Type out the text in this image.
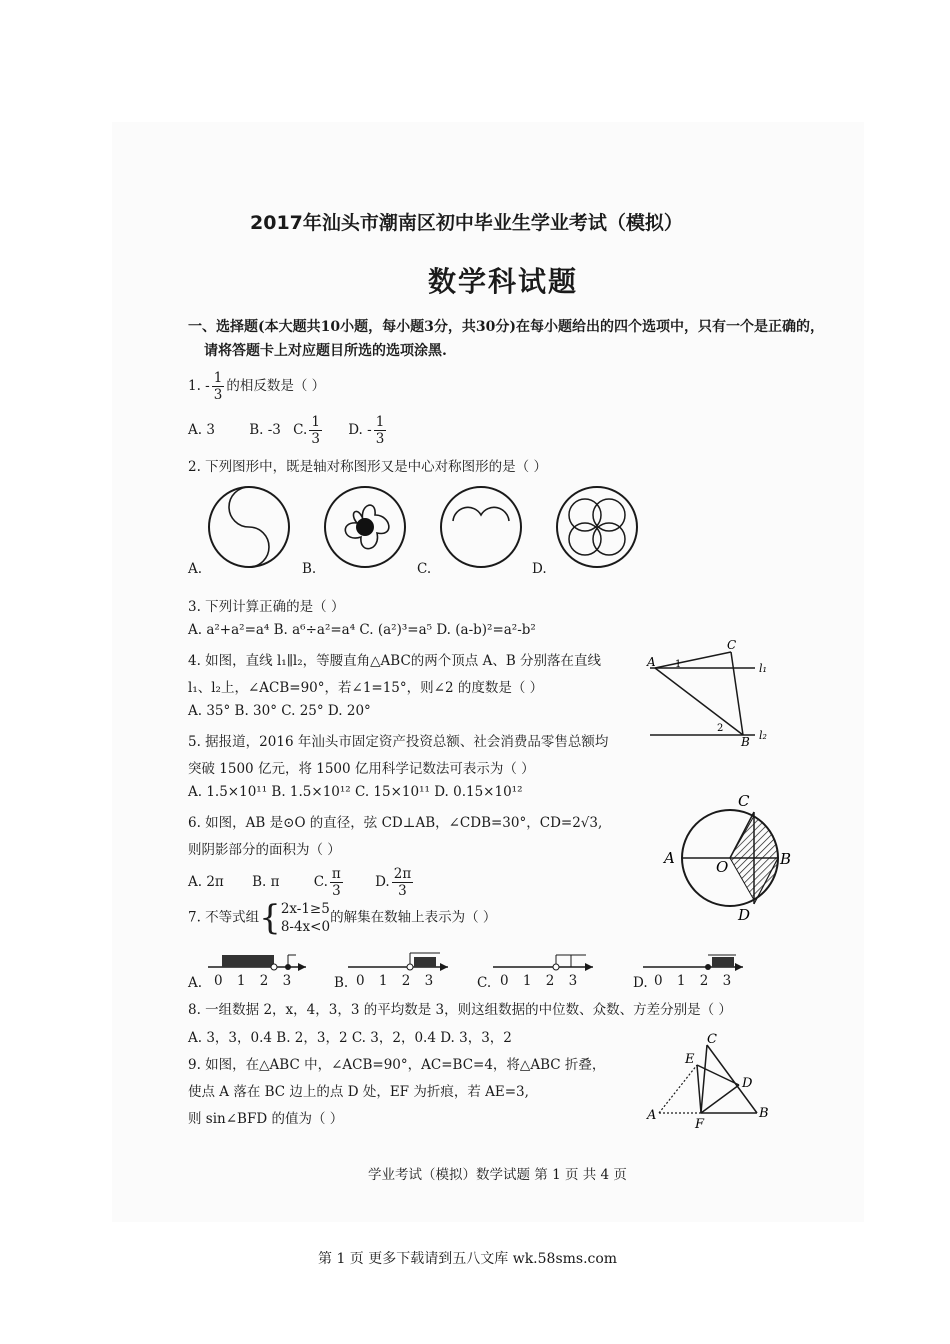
2017年汕头市潮南区初中毕业生学业考试（模拟）
数学科试题
一、选择题(本大题共10小题，每小题3分，共30分)在每小题给出的四个选项中，只有一个是正确的，
请将答题卡上对应题目所选的选项涂黑.
1. - $\frac{1}{3}$ 的相反数是（ ）
A. 3	B. -3 C. $\frac{1}{3} D$. - $\frac{1}{3}$
2. 下列图形中，既是轴对称图形又是中心对称图形的是（ ）
A.	B.	C.	D.
3. 下列计算正确的是（ ）
A. a²+a²=a⁴ B. a⁶÷a²=a⁴ C. (a²)³=a⁵ D. (a-b)²=a²-b²
4. 如图，直线 l₁∥l₂，等腰直角△ABC的两个顶点 A、B 分别落在直线
l₁、l₂上，∠ACB=90°，若∠1=15°，则∠2 的度数是（ ）
A. 35° B. 30° C. 25° D. 20°
A
C
B
l₁
l₂
1
2
5. 据报道，2016 年汕头市固定资产投资总额、社会消费品零售总额均
突破 1500 亿元，将 1500 亿用科学记数法可表示为（ ）
A. 1.5×10¹¹ B. 1.5×10¹² C. 15×10¹¹ D. 0.15×10¹²
6. 如图，AB 是⊙O 的直径，弦 CD⊥AB，∠CDB=30°，CD=2√3,
则阴影部分的面积为（ ）
A. 2π B. π	C. $\frac{\pi}{3} D$. $\frac{2\pi}{3}$
A	B
C
D
O
7. 不等式组{ 2x-1≥5
8-4x<0
的解集在数轴上表示为（ ）
A.	B.	C.	D.
0 1 2 3	0 1 2 3	0 1 2 3	0 1 2 3
8. 一组数据 2，x，4，3，3 的平均数是 3，则这组数据的中位数、众数、方差分别是（ ）
A. 3，3，0.4 B. 2，3，2 C. 3，2，0.4 D. 3，3，2
9. 如图，在△ABC 中，∠ACB=90°，AC=BC=4，将△ABC 折叠，
使点 A 落在 BC 边上的点 D 处，EF 为折痕，若 AE=3,
则 sin∠BFD 的值为（ ）	A	B
C
D
E
F
学业考试（模拟）数学试题 第 1 页 共 4 页
第 1 页 更多下载请到五八文库 wk.58sms.com
